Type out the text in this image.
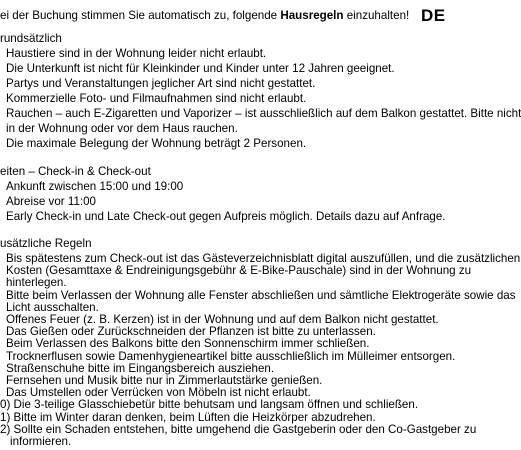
ei der Buchung stimmen Sie automatisch zu, folgende Hausregeln einzuhalten! DE
rundsätzlich
Haustiere sind in der Wohnung leider nicht erlaubt.
Die Unterkunft ist nicht für Kleinkinder und Kinder unter 12 Jahren geeignet.
Partys und Veranstaltungen jeglicher Art sind nicht gestattet.
Kommerzielle Foto- und Filmaufnahmen sind nicht erlaubt.
Rauchen – auch E-Zigaretten und Vaporizer – ist ausschließlich auf dem Balkon gestattet. Bitte nicht
in der Wohnung oder vor dem Haus rauchen.
Die maximale Belegung der Wohnung beträgt 2 Personen.
eiten – Check-in & Check-out
Ankunft zwischen 15:00 und 19:00
Abreise vor 11:00
Early Check-in und Late Check-out gegen Aufpreis möglich. Details dazu auf Anfrage.
usätzliche Regeln
Bis spätestens zum Check-out ist das Gästeverzeichnisblatt digital auszufüllen, und die zusätzlichen
Kosten (Gesamttaxe & Endreinigungsgebühr & E-Bike-Pauschale) sind in der Wohnung zu
hinterlegen.
Bitte beim Verlassen der Wohnung alle Fenster abschließen und sämtliche Elektrogeräte sowie das
Licht ausschalten.
Offenes Feuer (z. B. Kerzen) ist in der Wohnung und auf dem Balkon nicht gestattet.
Das Gießen oder Zurückschneiden der Pflanzen ist bitte zu unterlassen.
Beim Verlassen des Balkons bitte den Sonnenschirm immer schließen.
Trocknerflusen sowie Damenhygieneartikel bitte ausschließlich im Mülleimer entsorgen.
Straßenschuhe bitte im Eingangsbereich ausziehen.
Fernsehen und Musik bitte nur in Zimmerlautstärke genießen.
Das Umstellen oder Verrücken von Möbeln ist nicht erlaubt.
0) Die 3-teilige Glasschiebetür bitte behutsam und langsam öffnen und schließen.
1) Bitte im Winter daran denken, beim Lüften die Heizkörper abzudrehen.
2) Sollte ein Schaden entstehen, bitte umgehend die Gastgeberin oder den Co-Gastgeber zu
informieren.
